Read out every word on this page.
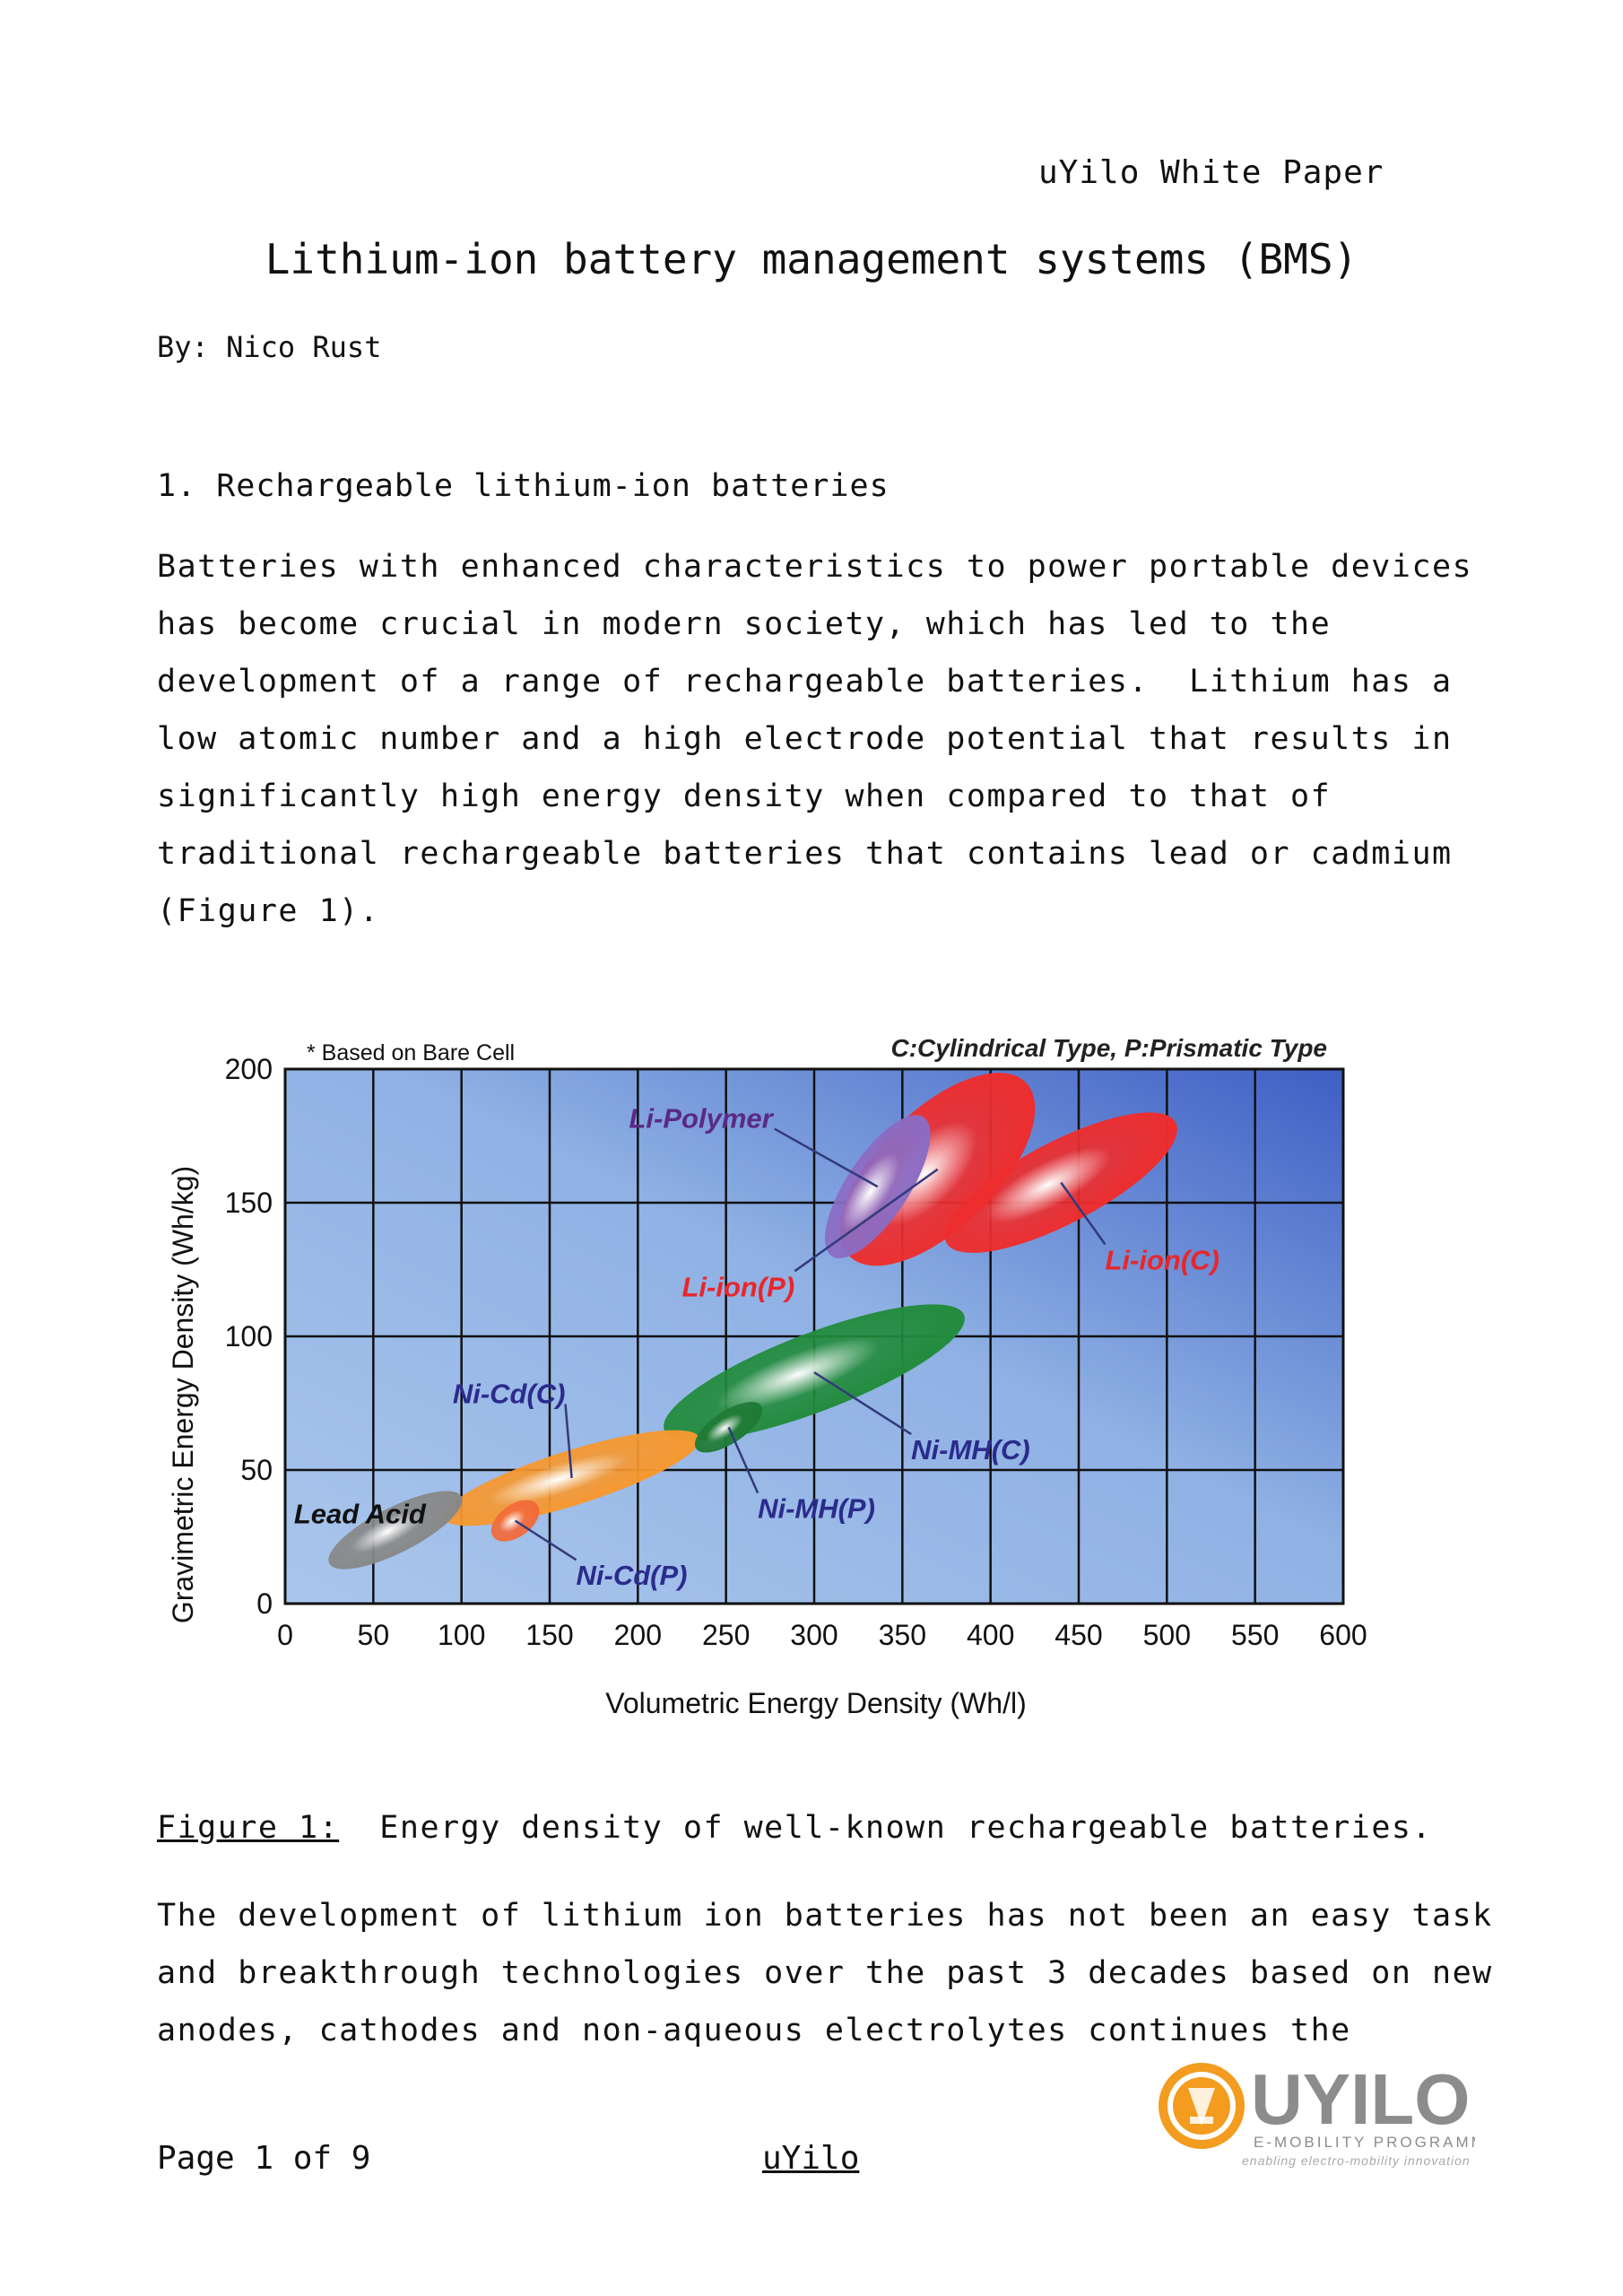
uYilo White Paper
Lithium-ion battery management systems (BMS)
By: Nico Rust
1. Rechargeable lithium-ion batteries
Batteries with enhanced characteristics to power portable devices
has become crucial in modern society, which has led to the
development of a range of rechargeable batteries.  Lithium has a
low atomic number and a high electrode potential that results in
significantly high energy density when compared to that of
traditional rechargeable batteries that contains lead or cadmium
(Figure 1).
Lead Acid
Ni-Cd(C)
Ni-Cd(P)
Ni-MH(C)
Ni-MH(P)
Li-Polymer
Li-ion(P)
Li-ion(C)
0 50 100 150 200 250 300 350 400 450 500 550 600
0
50
100
150
200 * Based on Bare Cell	C:Cylindrical Type, P:Prismatic Type
Volumetric Energy Density (Wh/l)
Gravimetric Energy Density (Wh/kg)
Figure 1:  Energy density of well-known rechargeable batteries.
The development of lithium ion batteries has not been an easy task
and breakthrough technologies over the past 3 decades based on new
anodes, cathodes and non-aqueous electrolytes continues the
Page 1 of 9	uYilo
UYILO
E-MOBILITY PROGRAMME
enabling electro-mobility innovation
